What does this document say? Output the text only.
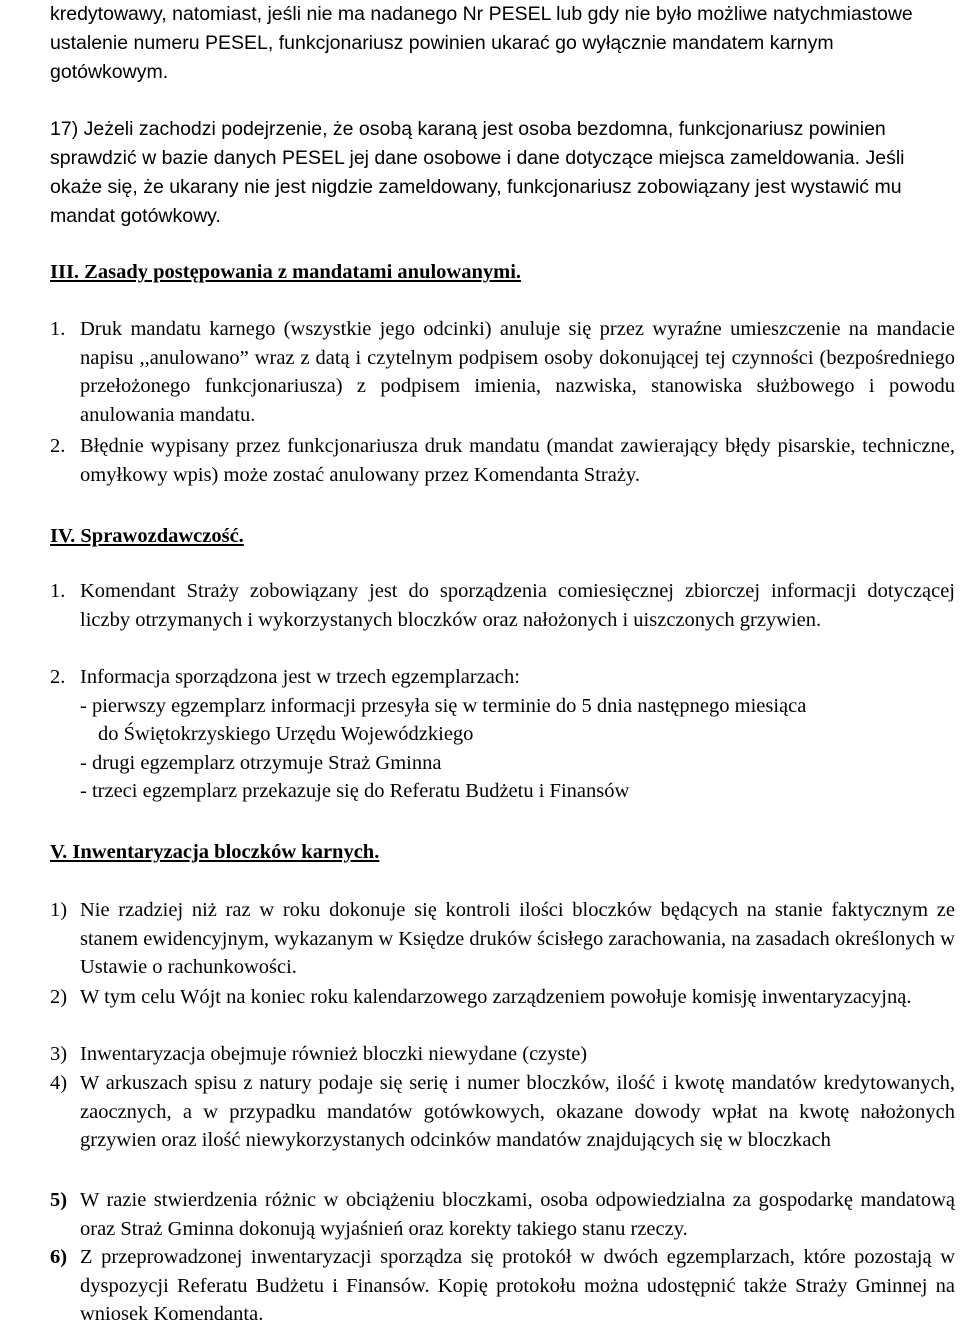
kredytowawy, natomiast, jeśli nie ma nadanego Nr PESEL lub gdy nie było możliwe natychmiastowe ustalenie numeru PESEL, funkcjonariusz powinien ukarać go wyłącznie mandatem karnym gotówkowym.

17) Jeżeli zachodzi podejrzenie, że osobą karaną jest osoba bezdomna, funkcjonariusz powinien sprawdzić w bazie danych PESEL jej dane osobowe i dane dotyczące miejsca zameldowania. Jeśli okaże się, że ukarany nie jest nigdzie zameldowany, funkcjonariusz zobowiązany jest wystawić mu mandat gotówkowy.

III. Zasady postępowania z mandatami anulowanymi.
1. Druk mandatu karnego (wszystkie jego odcinki) anuluje się przez wyraźne umieszczenie na mandacie napisu ,,anulowano” wraz z datą i czytelnym podpisem osoby dokonującej tej czynności (bezpośredniego przełożonego funkcjonariusza) z podpisem imienia, nazwiska, stanowiska służbowego i powodu anulowania mandatu.
2. Błędnie wypisany przez funkcjonariusza druk mandatu (mandat zawierający błędy pisarskie, techniczne, omyłkowy wpis) może zostać anulowany przez Komendanta Straży.
IV. Sprawozdawczość.
1. Komendant Straży zobowiązany jest do sporządzenia comiesięcznej zbiorczej informacji dotyczącej liczby otrzymanych i wykorzystanych bloczków oraz nałożonych i uiszczonych grzywien.
2. Informacja sporządzona jest w trzech egzemplarzach:
- pierwszy egzemplarz informacji przesyła się w terminie do 5 dnia następnego miesiąca
do Świętokrzyskiego Urzędu Wojewódzkiego
- drugi egzemplarz otrzymuje Straż Gminna
- trzeci egzemplarz przekazuje się do Referatu Budżetu i Finansów
V. Inwentaryzacja bloczków karnych.
1) Nie rzadziej niż raz w roku dokonuje się kontroli ilości bloczków będących na stanie faktycznym ze stanem ewidencyjnym, wykazanym w Księdze druków ścisłego zarachowania, na zasadach określonych w Ustawie o rachunkowości.
2) W tym celu Wójt na koniec roku kalendarzowego zarządzeniem powołuje komisję inwentaryzacyjną.
3) Inwentaryzacja obejmuje również bloczki niewydane (czyste)
4) W arkuszach spisu z natury podaje się serię i numer bloczków, ilość i kwotę mandatów kredytowanych, zaocznych, a w przypadku mandatów gotówkowych, okazane dowody wpłat na kwotę nałożonych grzywien oraz ilość niewykorzystanych odcinków mandatów znajdujących się w bloczkach
5) W razie stwierdzenia różnic w obciążeniu bloczkami, osoba odpowiedzialna za gospodarkę mandatową oraz Straż Gminna dokonują wyjaśnień oraz korekty takiego stanu rzeczy.
6) Z przeprowadzonej inwentaryzacji sporządza się protokół w dwóch egzemplarzach, które pozostają w dyspozycji Referatu Budżetu i Finansów. Kopię protokołu można udostępnić także Straży Gminnej na wniosek Komendanta.
